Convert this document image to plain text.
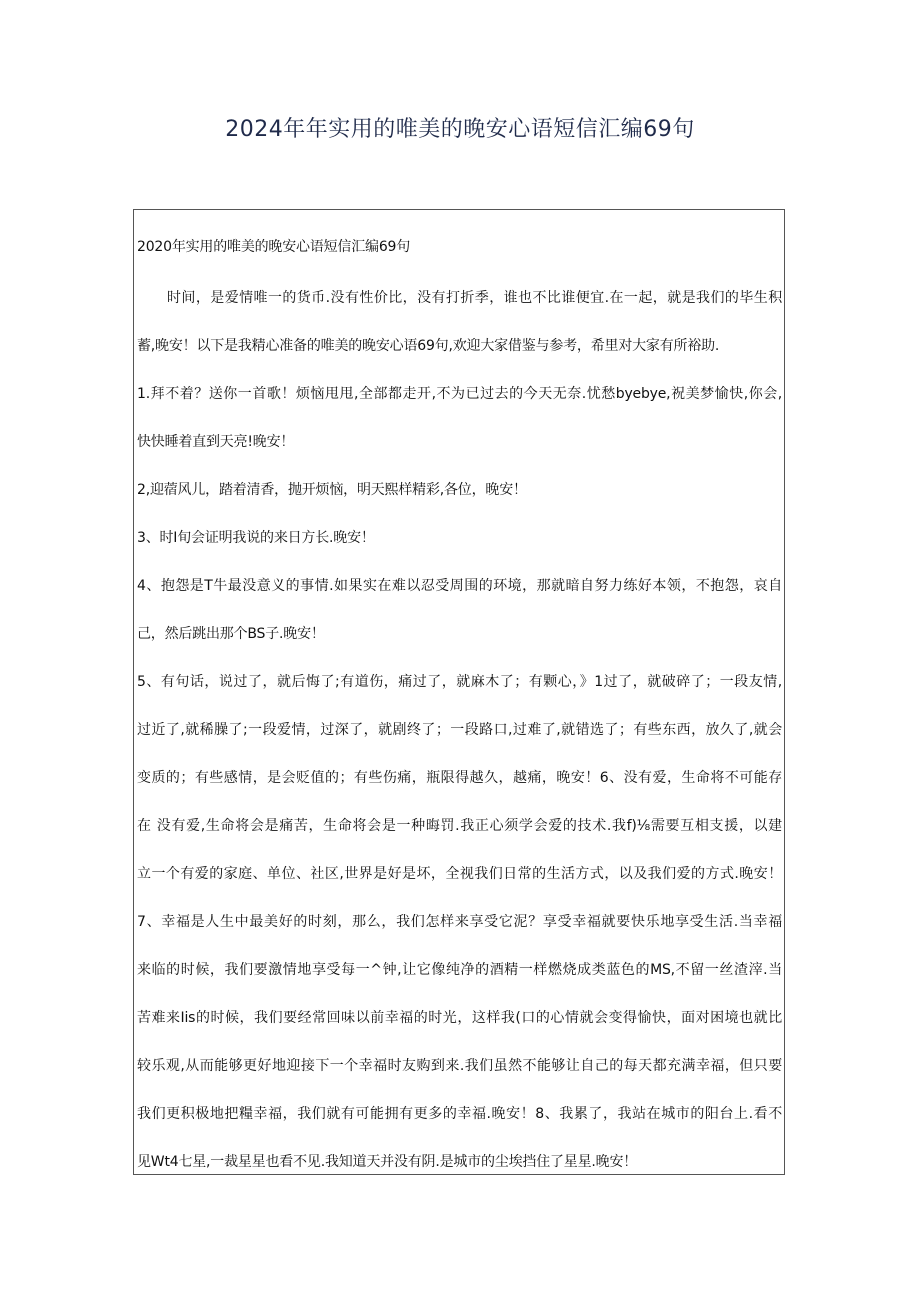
2024年年实用的唯美的晚安心语短信汇编69句
2020年实用的唯美的晚安心语短信汇编69句
时间，是爱情唯一的货币.没有性价比，没有打折季，谁也不比谁便宜.在一起，就是我们的毕生积
蓄,晚安！以下是我精心准备的唯美的晚安心语69句,欢迎大家借鉴与参考，希里对大家有所裕助.
1.拜不着？送你一首歌！烦恼甩甩,全部都走开,不为已过去的今天无奈.忧愁byebye,祝美梦愉快,你会,
快快睡着直到天亮!晚安！
2,迎蓿风儿，踏着清香，抛开烦恼，明天熙样精彩,各位，晚安！
3、时I旬会证明我说的来日方长.晚安！
4、抱怨是T牛最没意义的事情.如果实在难以忍受周围的环境，那就暗自努力练好本领，不抱怨，哀自
己，然后跳出那个BS子.晚安！
5、有句话，说过了，就后悔了;有道伤，痛过了，就麻木了；有颗心，》1过了，就破碎了；一段友情,
过近了,就稀臊了;一段爱情，过深了，就剧终了；一段路口,过难了,就错选了；有些东西，放久了,就会
变质的；有些感情，是会贬值的；有些伤痛，瓶限得越久，越痛，晚安！6、没有爱，生命将不可能存
在 没有爱,生命将会是痛苦，生命将会是一种晦罚.我正心须学会爱的技术.我f)⅛需要互相支援，以建
立一个有爱的家庭、单位、社区,世界是好是坏，全视我们日常的生活方式，以及我们爱的方式.晚安！
7、幸福是人生中最美好的时刻，那么，我们怎样来享受它泥？享受幸福就要快乐地享受生活.当幸福
来临的时候，我们要激情地享受每一^钟,让它像纯净的酒精一样燃烧成类蓝色的MS,不留一丝渣滓.当
苦难来Iis的时候，我们要经常回味以前幸福的时光，这样我(口的心情就会变得愉快，面对困境也就比
较乐观,从而能够更好地迎接下一个幸福时友购到来.我们虽然不能够让自己的每天都充满幸福，但只要
我们更积极地把糧幸福，我们就有可能拥有更多的幸福.晚安！8、我累了，我站在城市的阳台上.看不
见Wt4七星,一裁星星也看不见.我知道天并没有阴.是城市的尘埃挡住了星星.晚安！
